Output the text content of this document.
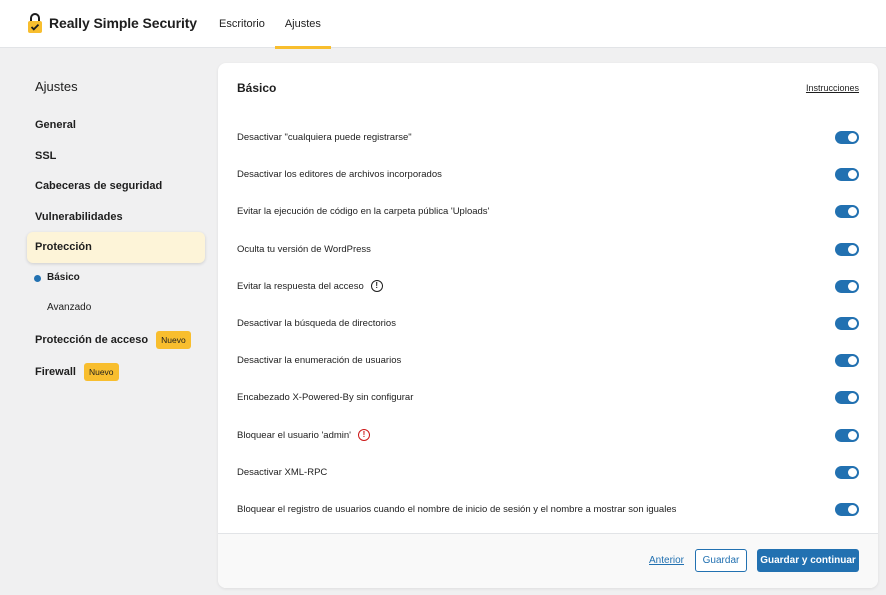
Really Simple Security	Escritorio	Ajustes
Ajustes
General
SSL
Cabeceras de seguridad
Vulnerabilidades
Protección
Básico
Avanzado
Protección de acceso	Nuevo
Firewall	Nuevo
Básico	Instrucciones
Desactivar "cualquiera puede registrarse"
Desactivar los editores de archivos incorporados
Evitar la ejecución de código en la carpeta pública 'Uploads'
Oculta tu versión de WordPress
Evitar la respuesta del acceso	!
Desactivar la búsqueda de directorios
Desactivar la enumeración de usuarios
Encabezado X-Powered-By sin configurar
Bloquear el usuario 'admin'	!
Desactivar XML-RPC
Bloquear el registro de usuarios cuando el nombre de inicio de sesión y el nombre a mostrar son iguales
Anterior	Guardar	Guardar y continuar
